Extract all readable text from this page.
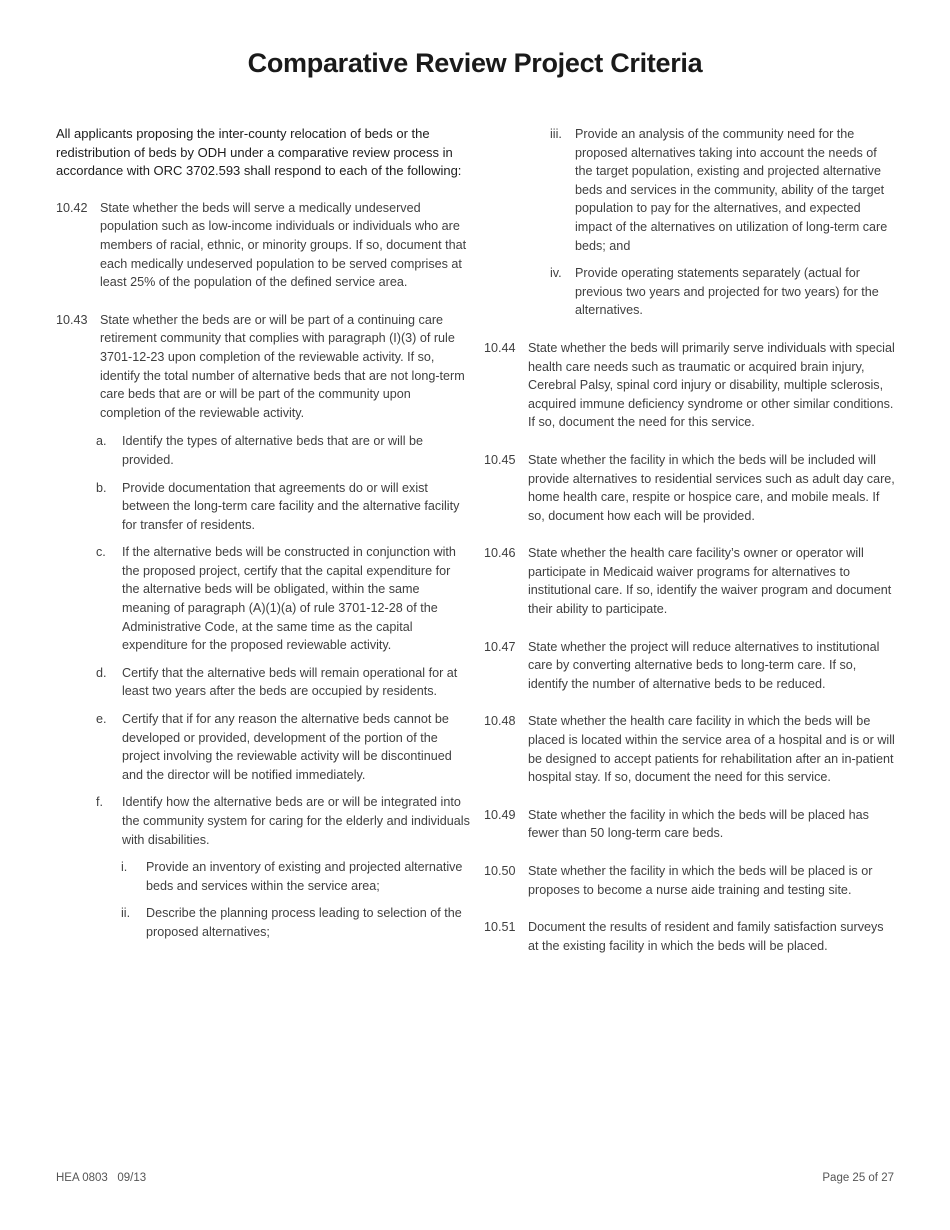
Comparative Review Project Criteria

All applicants proposing the inter-county relocation of beds or the redistribution of beds by ODH under a comparative review process in accordance with ORC 3702.593 shall respond to each of the following:

10.42 State whether the beds will serve a medically undeserved population such as low-income individuals or individuals who are members of racial, ethnic, or minority groups. If so, document that each medically undeserved population to be served comprises at least 25% of the population of the defined service area.
10.43 State whether the beds are or will be part of a continuing care retirement community that complies with paragraph (I)(3) of rule 3701-12-23 upon completion of the reviewable activity. If so, identify the total number of alternative beds that are not long-term care beds that are or will be part of the community upon completion of the reviewable activity.
a.	Identify the types of alternative beds that are or will be provided.
b.	Provide documentation that agreements do or will exist between the long-term care facility and the alternative facility for transfer of residents.
c.	If the alternative beds will be constructed in conjunction with the proposed project, certify that the capital expenditure for the alternative beds will be obligated, within the same meaning of paragraph (A)(1)(a) of rule 3701-12-28 of the Administrative Code, at the same time as the capital expenditure for the proposed reviewable activity.
d.	Certify that the alternative beds will remain operational for at least two years after the beds are occupied by residents.
e.	Certify that if for any reason the alternative beds cannot be developed or provided, development of the portion of the project involving the reviewable activity will be discontinued and the director will be notified immediately.
f.	Identify how the alternative beds are or will be integrated into the community system for caring for the elderly and individuals with disabilities.
i.	Provide an inventory of existing and projected alternative beds and services within the service area;
ii.	Describe the planning process leading to selection of the proposed alternatives;
iii.	Provide an analysis of the community need for the proposed alternatives taking into account the needs of the target population, existing and projected alternative beds and services in the community, ability of the target population to pay for the alternatives, and expected impact of the alternatives on utilization of long-term care beds; and
iv.	Provide operating statements separately (actual for previous two years and projected for two years) for the alternatives.
10.44 State whether the beds will primarily serve individuals with special health care needs such as traumatic or acquired brain injury, Cerebral Palsy, spinal cord injury or disability, multiple sclerosis, acquired immune deficiency syndrome or other similar conditions. If so, document the need for this service.
10.45 State whether the facility in which the beds will be included will provide alternatives to residential services such as adult day care, home health care, respite or hospice care, and mobile meals. If so, document how each will be provided.
10.46 State whether the health care facility’s owner or operator will participate in Medicaid waiver programs for alternatives to institutional care. If so, identify the waiver program and document their ability to participate.
10.47 State whether the project will reduce alternatives to institutional care by converting alternative beds to long-term care. If so, identify the number of alternative beds to be reduced.
10.48 State whether the health care facility in which the beds will be placed is located within the service area of a hospital and is or will be designed to accept patients for rehabilitation after an in-patient hospital stay. If so, document the need for this service.
10.49 State whether the facility in which the beds will be placed has fewer than 50 long-term care beds.
10.50 State whether the facility in which the beds will be placed is or proposes to become a nurse aide training and testing site.
10.51 Document the results of resident and family satisfaction surveys at the existing facility in which the beds will be placed.
HEA 0803   09/13	Page 25 of 27
